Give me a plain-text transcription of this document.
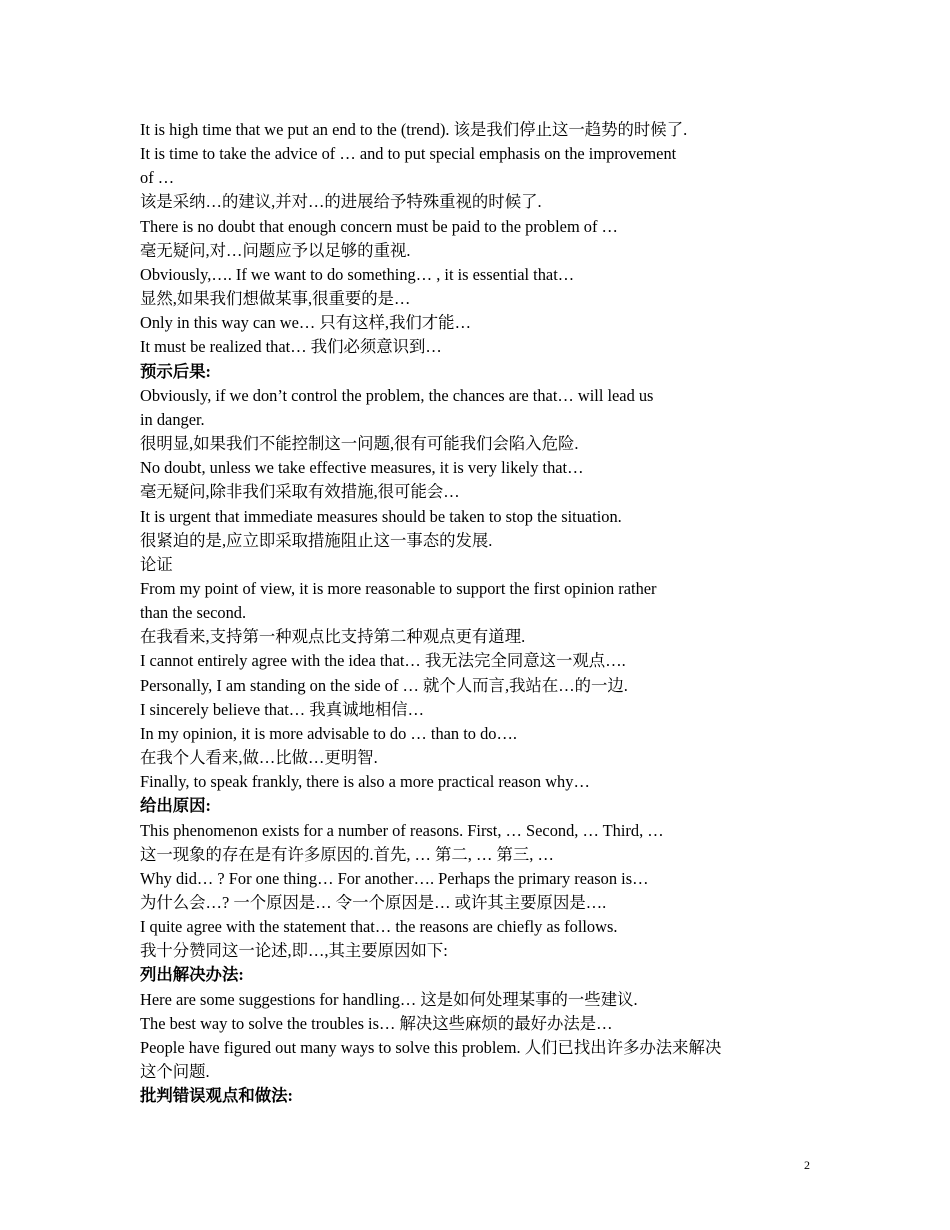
It is high time that we put an end to the (trend). 该是我们停止这一趋势的时候了.
It is time to take the advice of … and to put special emphasis on the improvement
of …
该是采纳…的建议,并对…的进展给予特殊重视的时候了.
There is no doubt that enough concern must be paid to the problem of …
毫无疑问,对…问题应予以足够的重视.
Obviously,…. If we want to do something… , it is essential that…
显然,如果我们想做某事,很重要的是…
Only in this way can we… 只有这样,我们才能…
It must be realized that… 我们必须意识到…
预示后果:
Obviously, if we don’t control the problem, the chances are that… will lead us
in danger.
很明显,如果我们不能控制这一问题,很有可能我们会陷入危险.
No doubt, unless we take effective measures, it is very likely that…
毫无疑问,除非我们采取有效措施,很可能会…
It is urgent that immediate measures should be taken to stop the situation.
很紧迫的是,应立即采取措施阻止这一事态的发展.
论证
From my point of view, it is more reasonable to support the first opinion rather
than the second.
在我看来,支持第一种观点比支持第二种观点更有道理.
I cannot entirely agree with the idea that… 我无法完全同意这一观点….
Personally, I am standing on the side of … 就个人而言,我站在…的一边.
I sincerely believe that… 我真诚地相信…
In my opinion, it is more advisable to do … than to do….
在我个人看来,做…比做…更明智.
Finally, to speak frankly, there is also a more practical reason why…
给出原因:
This phenomenon exists for a number of reasons. First, … Second, … Third, …
这一现象的存在是有许多原因的.首先, … 第二, … 第三, …
Why did… ? For one thing… For another…. Perhaps the primary reason is…
为什么会…? 一个原因是… 令一个原因是… 或许其主要原因是….
I quite agree with the statement that… the reasons are chiefly as follows.
我十分赞同这一论述,即…,其主要原因如下:
列出解决办法:
Here are some suggestions for handling… 这是如何处理某事的一些建议.
The best way to solve the troubles is… 解决这些麻烦的最好办法是…
People have figured out many ways to solve this problem. 人们已找出许多办法来解决
这个问题.
批判错误观点和做法:
2
